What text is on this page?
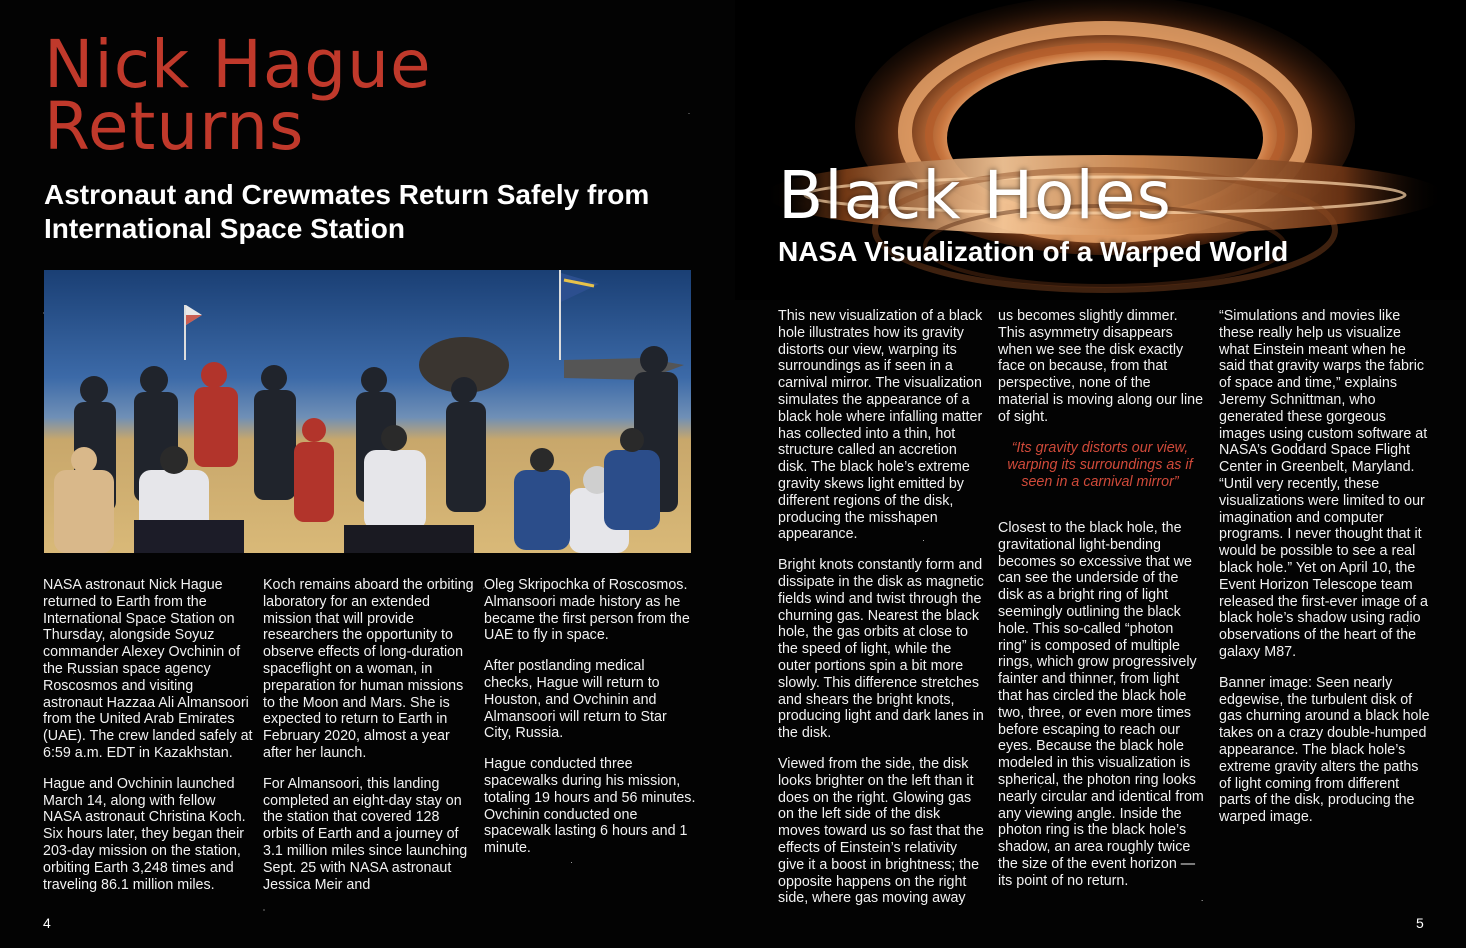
Nick Hague
Returns
Astronaut and Crewmates Return Safely from International Space Station

NASA astronaut Nick Hague returned to Earth from the International Space Station on Thursday, alongside Soyuz commander Alexey Ovchinin of the Russian space agency Roscosmos and visiting astronaut Hazzaa Ali Almansoori from the United Arab Emirates (UAE). The crew landed safely at 6:59 a.m. EDT in Kazakhstan.

Hague and Ovchinin launched March 14, along with fellow NASA astronaut Christina Koch. Six hours later, they began their 203-day mission on the station, orbiting Earth 3,248 times and traveling 86.1 million miles.

Koch remains aboard the orbiting laboratory for an extended mission that will provide researchers the opportunity to observe effects of long-duration spaceflight on a woman, in preparation for human missions to the Moon and Mars. She is expected to return to Earth in February 2020, almost a year after her launch.

For Almansoori, this landing completed an eight-day stay on the station that covered 128 orbits of Earth and a journey of 3.1 million miles since launching Sept. 25 with NASA astronaut Jessica Meir and

Oleg Skripochka of Roscosmos. Almansoori made history as he became the first person from the UAE to fly in space.

After postlanding medical checks, Hague will return to Houston, and Ovchinin and Almansoori will return to Star City, Russia.

Hague conducted three spacewalks during his mission, totaling 19 hours and 56 minutes. Ovchinin conducted one spacewalk lasting 6 hours and 1 minute.

4
Black Holes
NASA Visualization of a Warped World

This new visualization of a black hole illustrates how its gravity distorts our view, warping its surroundings as if seen in a carnival mirror. The visualization simulates the appearance of a black hole where infalling matter has collected into a thin, hot structure called an accretion disk. The black hole’s extreme gravity skews light emitted by different regions of the disk, producing the misshapen appearance.

Bright knots constantly form and dissipate in the disk as magnetic fields wind and twist through the churning gas. Nearest the black hole, the gas orbits at close to the speed of light, while the outer portions spin a bit more slowly. This difference stretches and shears the bright knots, producing light and dark lanes in the disk.

Viewed from the side, the disk looks brighter on the left than it does on the right. Glowing gas on the left side of the disk moves toward us so fast that the effects of Einstein’s relativity give it a boost in brightness; the opposite happens on the right side, where gas moving away

us becomes slightly dimmer. This asymmetry disappears when we see the disk exactly face on because, from that perspective, none of the material is moving along our line of sight.

“Its gravity distorts our view, warping its surroundings as if seen in a carnival mirror”

Closest to the black hole, the gravitational light-bending becomes so excessive that we can see the underside of the disk as a bright ring of light seemingly outlining the black hole. This so-called “photon ring” is composed of multiple rings, which grow progressively fainter and thinner, from light that has circled the black hole two, three, or even more times before escaping to reach our eyes. Because the black hole modeled in this visualization is spherical, the photon ring looks nearly circular and identical from any viewing angle. Inside the photon ring is the black hole’s shadow, an area roughly twice the size of the event horizon — its point of no return.

“Simulations and movies like these really help us visualize what Einstein meant when he said that gravity warps the fabric of space and time,” explains Jeremy Schnittman, who generated these gorgeous images using custom software at NASA’s Goddard Space Flight Center in Greenbelt, Maryland. “Until very recently, these visualizations were limited to our imagination and computer programs. I never thought that it would be possible to see a real black hole.” Yet on April 10, the Event Horizon Telescope team released the first-ever image of a black hole’s shadow using radio observations of the heart of the galaxy M87.

Banner image: Seen nearly edgewise, the turbulent disk of gas churning around a black hole takes on a crazy double-humped appearance. The black hole’s extreme gravity alters the paths of light coming from different parts of the disk, producing the warped image.

5
